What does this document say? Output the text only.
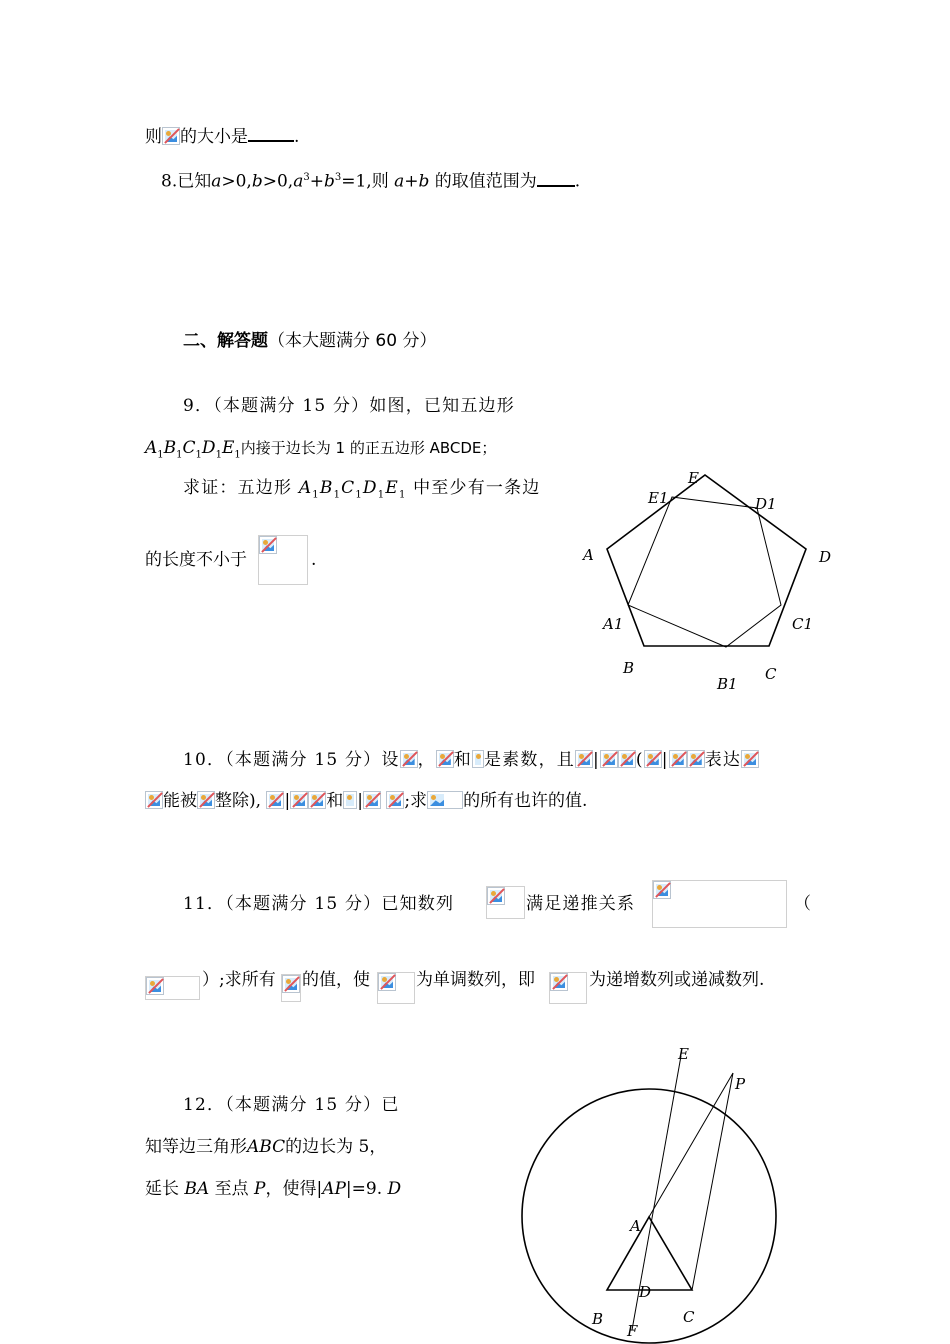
则 的大小是	.
8.已知$a>0,b>0,a^3+b^3=1$,则 a+b 的取值范围为 .
二、解答题（本大题满分 60 分）
9．（本题满分 15 分）如图，已知五边形
$A_1B_1C_1D_1E_1$内接于边长为 1 的正五边形 ABCDE；
求证：五边形 $A_1B_1C_1D_1E_1$ 中至少有一条边
的长度不小于	.
E
E1	D1
A	D
A1	C1
B	C
B1
10．（本题满分 15 分）设 ， 和 是素数，且 | ( | 表达
能被 整除), | 和 |
;求 的所有也许的值.
11．（本题满分 15 分）已知数列	满足递推关系	（
）;求所有 的值，使	为单调数列，即	为递增数列或递减数列.
12．（本题满分 15 分）已
知等边三角形ABC的边长为 5，
延长 BA 至点 P，使得|AP|=9. D
E
P
A
D
B	C
F
